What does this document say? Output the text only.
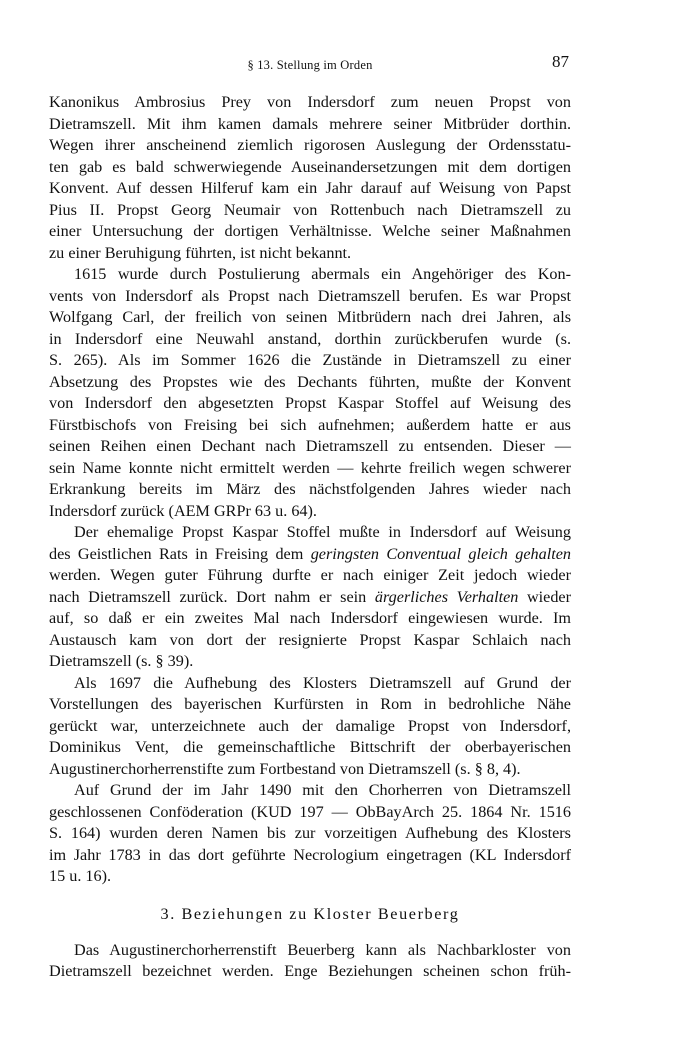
§ 13. Stellung im Orden	87
Kanonikus Ambrosius Prey von Indersdorf zum neuen Propst von
Dietramszell. Mit ihm kamen damals mehrere seiner Mitbrüder dorthin.
Wegen ihrer anscheinend ziemlich rigorosen Auslegung der Ordensstatu-
ten gab es bald schwerwiegende Auseinandersetzungen mit dem dortigen
Konvent. Auf dessen Hilferuf kam ein Jahr darauf auf Weisung von Papst
Pius II. Propst Georg Neumair von Rottenbuch nach Dietramszell zu
einer Untersuchung der dortigen Verhältnisse. Welche seiner Maßnahmen
zu einer Beruhigung führten, ist nicht bekannt.
1615 wurde durch Postulierung abermals ein Angehöriger des Kon-
vents von Indersdorf als Propst nach Dietramszell berufen. Es war Propst
Wolfgang Carl, der freilich von seinen Mitbrüdern nach drei Jahren, als
in Indersdorf eine Neuwahl anstand, dorthin zurückberufen wurde (s.
S. 265). Als im Sommer 1626 die Zustände in Dietramszell zu einer
Absetzung des Propstes wie des Dechants führten, mußte der Konvent
von Indersdorf den abgesetzten Propst Kaspar Stoffel auf Weisung des
Fürstbischofs von Freising bei sich aufnehmen; außerdem hatte er aus
seinen Reihen einen Dechant nach Dietramszell zu entsenden. Dieser —
sein Name konnte nicht ermittelt werden — kehrte freilich wegen schwerer
Erkrankung bereits im März des nächstfolgenden Jahres wieder nach
Indersdorf zurück (AEM GRPr 63 u. 64).
Der ehemalige Propst Kaspar Stoffel mußte in Indersdorf auf Weisung
des Geistlichen Rats in Freising dem geringsten Conventual gleich gehalten
werden. Wegen guter Führung durfte er nach einiger Zeit jedoch wieder
nach Dietramszell zurück. Dort nahm er sein ärgerliches Verhalten wieder
auf, so daß er ein zweites Mal nach Indersdorf eingewiesen wurde. Im
Austausch kam von dort der resignierte Propst Kaspar Schlaich nach
Dietramszell (s. § 39).
Als 1697 die Aufhebung des Klosters Dietramszell auf Grund der
Vorstellungen des bayerischen Kurfürsten in Rom in bedrohliche Nähe
gerückt war, unterzeichnete auch der damalige Propst von Indersdorf,
Dominikus Vent, die gemeinschaftliche Bittschrift der oberbayerischen
Augustinerchorherrenstifte zum Fortbestand von Dietramszell (s. § 8, 4).
Auf Grund der im Jahr 1490 mit den Chorherren von Dietramszell
geschlossenen Conföderation (KUD 197 — ObBayArch 25. 1864 Nr. 1516
S. 164) wurden deren Namen bis zur vorzeitigen Aufhebung des Klosters
im Jahr 1783 in das dort geführte Necrologium eingetragen (KL Indersdorf
15 u. 16).
3. Beziehungen zu Kloster Beuerberg
Das Augustinerchorherrenstift Beuerberg kann als Nachbarkloster von
Dietramszell bezeichnet werden. Enge Beziehungen scheinen schon früh-
